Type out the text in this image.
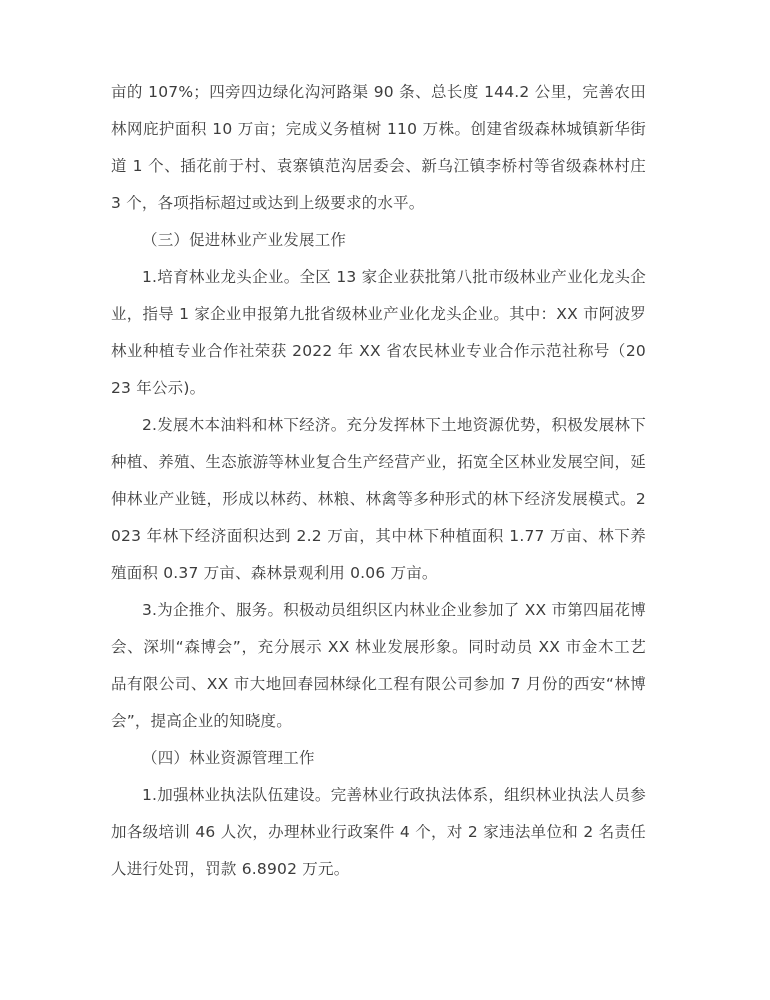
亩的 107%；四旁四边绿化沟河路渠 90 条、总长度 144.2 公里，完善农田林网庇护面积 10 万亩；完成义务植树 110 万株。创建省级森林城镇新华街道 1 个、插花前于村、袁寨镇范沟居委会、新乌江镇李桥村等省级森林村庄 3 个，各项指标超过或达到上级要求的水平。

（三）促进林业产业发展工作

1.培育林业龙头企业。全区 13 家企业获批第八批市级林业产业化龙头企业，指导 1 家企业申报第九批省级林业产业化龙头企业。其中：XX 市阿波罗林业种植专业合作社荣获 2022 年 XX 省农民林业专业合作示范社称号（2023 年公示)。

2.发展木本油料和林下经济。充分发挥林下土地资源优势，积极发展林下种植、养殖、生态旅游等林业复合生产经营产业，拓宽全区林业发展空间，延伸林业产业链，形成以林药、林粮、林禽等多种形式的林下经济发展模式。2023 年林下经济面积达到 2.2 万亩，其中林下种植面积 1.77 万亩、林下养殖面积 0.37 万亩、森林景观利用 0.06 万亩。

3.为企推介、服务。积极动员组织区内林业企业参加了 XX 市第四届花博会、深圳“森博会”，充分展示 XX 林业发展形象。同时动员 XX 市金木工艺品有限公司、XX 市大地回春园林绿化工程有限公司参加 7 月份的西安“林博会”，提高企业的知晓度。

（四）林业资源管理工作

1.加强林业执法队伍建设。完善林业行政执法体系，组织林业执法人员参加各级培训 46 人次，办理林业行政案件 4 个，对 2 家违法单位和 2 名责任人进行处罚，罚款 6.8902 万元。
